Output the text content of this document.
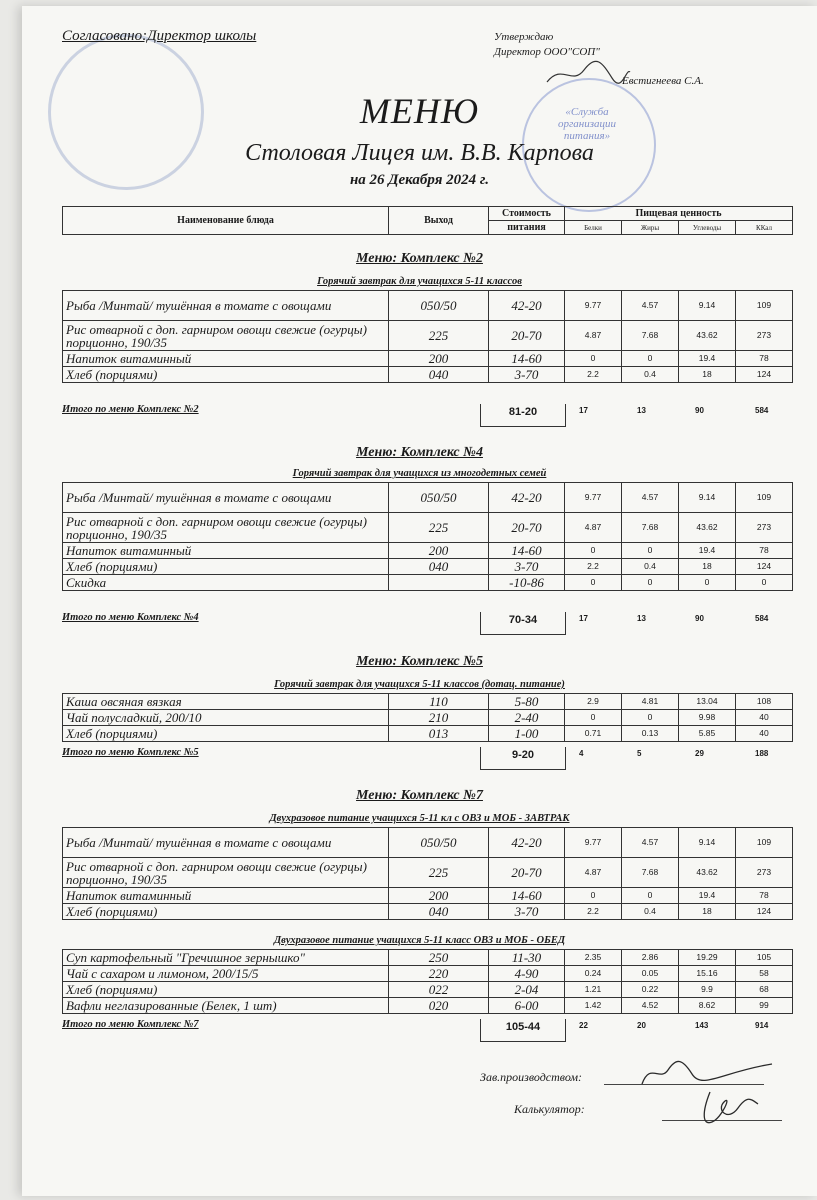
«Служба организации питания»
Согласовано:Директор школы	Утверждаю
Директор ООО"СОП"
Евстигнеева С.А.
МЕНЮ
Столовая Лицея им. В.В. Карпова
на 26 Декабря 2024 г.
Наименование блюда	Выход	Стоимость	Пищевая ценность			
		питания	Белки	Жиры	Углеводы	ККал
Меню: Комплекс №2
Горячий завтрак для учащихся 5-11 классов
Рыба /Минтай/ тушённая в томате с овощами	050/50	42-20	9.77	4.57	9.14	109
Рис отварной с доп. гарниром овощи свежие (огурцы) порционно, 190/35	225	20-70	4.87	7.68	43.62	273
Напиток витаминный	200	14-60	0	0	19.4	78
Хлеб (порциями)	040	3-70	2.2	0.4	18	124
Итого по меню Комплекс №2	81-20	17	13	90	584
Меню: Комплекс №4
Горячий завтрак для учащихся из многодетных семей
Рыба /Минтай/ тушённая в томате с овощами	050/50	42-20	9.77	4.57	9.14	109
Рис отварной с доп. гарниром овощи свежие (огурцы) порционно, 190/35	225	20-70	4.87	7.68	43.62	273
Напиток витаминный	200	14-60	0	0	19.4	78
Хлеб (порциями)	040	3-70	2.2	0.4	18	124
Скидка		-10-86	0	0	0	0
Итого по меню Комплекс №4	70-34	17	13	90	584
Меню: Комплекс №5
Горячий завтрак для учащихся 5-11 классов (дотац. питание)
Каша овсяная вязкая	110	5-80	2.9	4.81	13.04	108
Чай полусладкий, 200/10	210	2-40	0	0	9.98	40
Хлеб (порциями)	013	1-00	0.71	0.13	5.85	40
Итого по меню Комплекс №5	9-20	4	5	29	188
Меню: Комплекс №7
Двухразовое питание учащихся 5-11 кл с ОВЗ и МОБ - ЗАВТРАК
Рыба /Минтай/ тушённая в томате с овощами	050/50	42-20	9.77	4.57	9.14	109
Рис отварной с доп. гарниром овощи свежие (огурцы) порционно, 190/35	225	20-70	4.87	7.68	43.62	273
Напиток витаминный	200	14-60	0	0	19.4	78
Хлеб (порциями)	040	3-70	2.2	0.4	18	124
Двухразовое питание учащихся 5-11 класс ОВЗ и МОБ - ОБЕД
Суп картофельный "Гречишное зернышко"	250	11-30	2.35	2.86	19.29	105
Чай с сахаром и лимоном, 200/15/5	220	4-90	0.24	0.05	15.16	58
Хлеб (порциями)	022	2-04	1.21	0.22	9.9	68
Вафли неглазированные (Белек, 1 шт)	020	6-00	1.42	4.52	8.62	99
Итого по меню Комплекс №7	105-44	22	20	143	914
Зав.производством:
Калькулятор:
